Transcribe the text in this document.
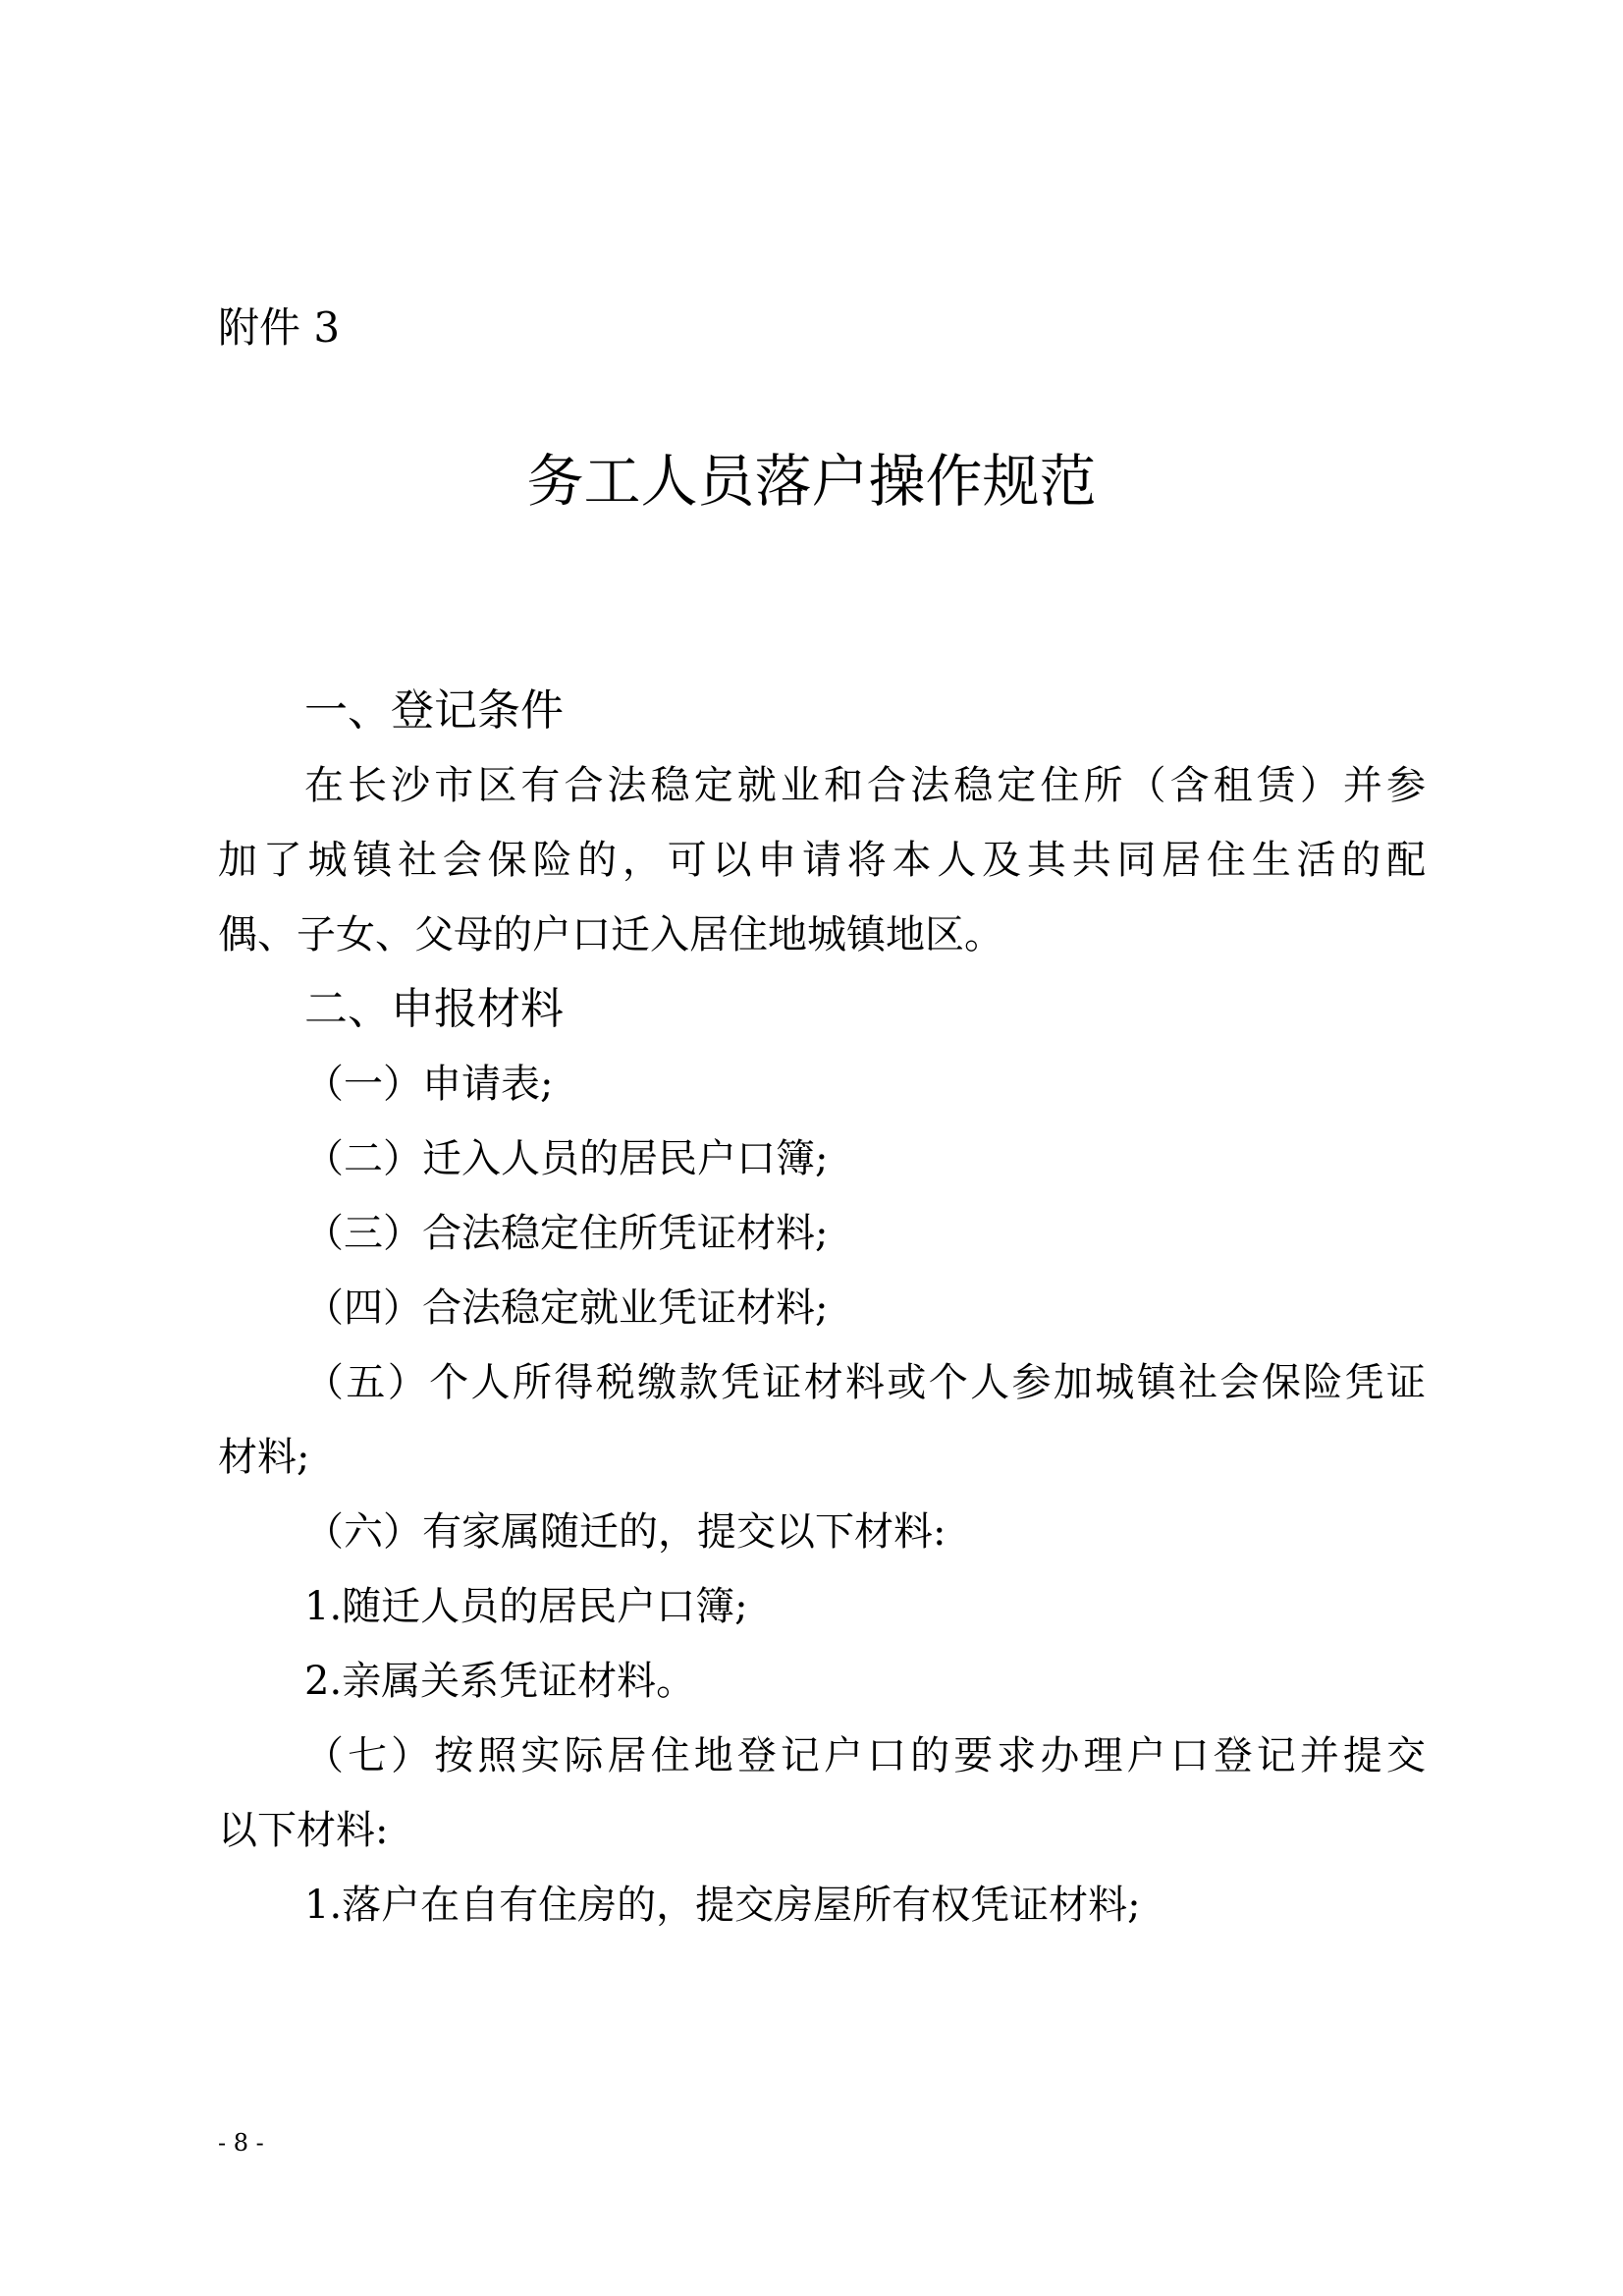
附件 3
务工人员落户操作规范
一、登记条件
在长沙市区有合法稳定就业和合法稳定住所（含租赁）并参
加了城镇社会保险的，可以申请将本人及其共同居住生活的配
偶、子女、父母的户口迁入居住地城镇地区。
二、申报材料
（一）申请表;
（二）迁入人员的居民户口簿;
（三）合法稳定住所凭证材料;
（四）合法稳定就业凭证材料;
（五）个人所得税缴款凭证材料或个人参加城镇社会保险凭证
材料;
（六）有家属随迁的，提交以下材料:
1.随迁人员的居民户口簿;
2.亲属关系凭证材料。
（七）按照实际居住地登记户口的要求办理户口登记并提交
以下材料:
1.落户在自有住房的，提交房屋所有权凭证材料;
- 8 -
